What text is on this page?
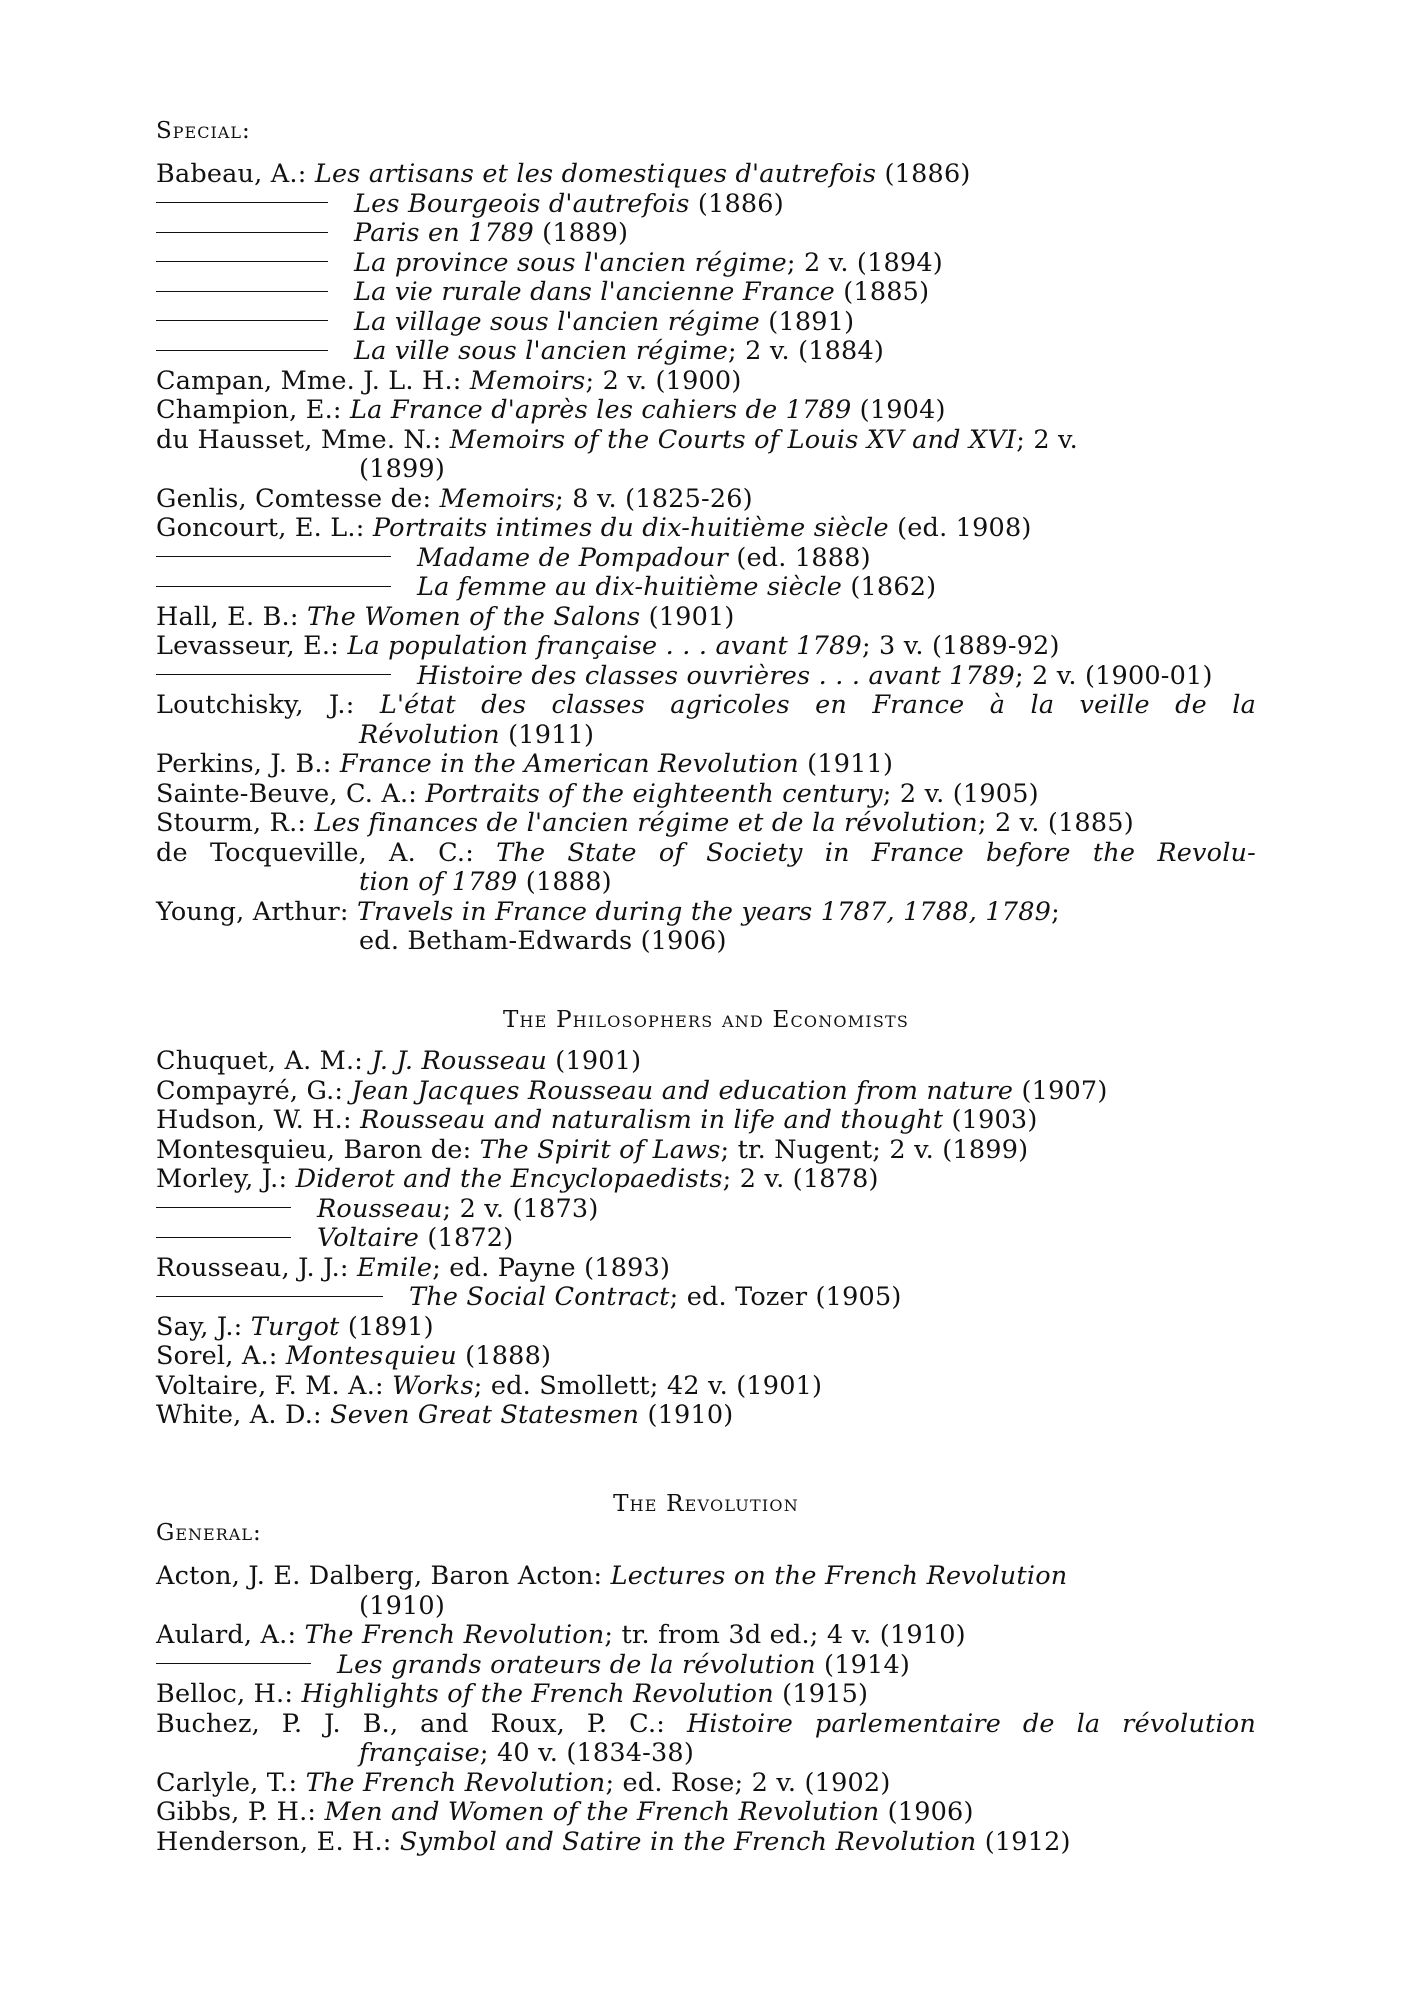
Special:
Babeau, A.: Les artisans et les domestiques d'autrefois (1886)
Les Bourgeois d'autrefois (1886)
Paris en 1789 (1889)
La province sous l'ancien régime; 2 v. (1894)
La vie rurale dans l'ancienne France (1885)
La village sous l'ancien régime (1891)
La ville sous l'ancien régime; 2 v. (1884)
Campan, Mme. J. L. H.: Memoirs; 2 v. (1900)
Champion, E.: La France d'après les cahiers de 1789 (1904)
du Hausset, Mme. N.: Memoirs of the Courts of Louis XV and XVI; 2 v.
(1899)
Genlis, Comtesse de: Memoirs; 8 v. (1825-26)
Goncourt, E. L.: Portraits intimes du dix-huitième siècle (ed. 1908)
Madame de Pompadour (ed. 1888)
La femme au dix-huitième siècle (1862)
Hall, E. B.: The Women of the Salons (1901)
Levasseur, E.: La population française . . . avant 1789; 3 v. (1889-92)
Histoire des classes ouvrières . . . avant 1789; 2 v. (1900-01)
Loutchisky, J.: L'état des classes agricoles en France à la veille de la
Révolution (1911)
Perkins, J. B.: France in the American Revolution (1911)
Sainte-Beuve, C. A.: Portraits of the eighteenth century; 2 v. (1905)
Stourm, R.: Les finances de l'ancien régime et de la révolution; 2 v. (1885)
de Tocqueville, A. C.: The State of Society in France before the Revolu-
tion of 1789 (1888)
Young, Arthur: Travels in France during the years 1787, 1788, 1789;
ed. Betham-Edwards (1906)
The Philosophers and Economists
Chuquet, A. M.: J. J. Rousseau (1901)
Compayré, G.: Jean Jacques Rousseau and education from nature (1907)
Hudson, W. H.: Rousseau and naturalism in life and thought (1903)
Montesquieu, Baron de: The Spirit of Laws; tr. Nugent; 2 v. (1899)
Morley, J.: Diderot and the Encyclopaedists; 2 v. (1878)
Rousseau; 2 v. (1873)
Voltaire (1872)
Rousseau, J. J.: Emile; ed. Payne (1893)
The Social Contract; ed. Tozer (1905)
Say, J.: Turgot (1891)
Sorel, A.: Montesquieu (1888)
Voltaire, F. M. A.: Works; ed. Smollett; 42 v. (1901)
White, A. D.: Seven Great Statesmen (1910)
The Revolution
General:
Acton, J. E. Dalberg, Baron Acton: Lectures on the French Revolution
(1910)
Aulard, A.: The French Revolution; tr. from 3d ed.; 4 v. (1910)
Les grands orateurs de la révolution (1914)
Belloc, H.: Highlights of the French Revolution (1915)
Buchez, P. J. B., and Roux, P. C.: Histoire parlementaire de la révolution
française; 40 v. (1834-38)
Carlyle, T.: The French Revolution; ed. Rose; 2 v. (1902)
Gibbs, P. H.: Men and Women of the French Revolution (1906)
Henderson, E. H.: Symbol and Satire in the French Revolution (1912)
